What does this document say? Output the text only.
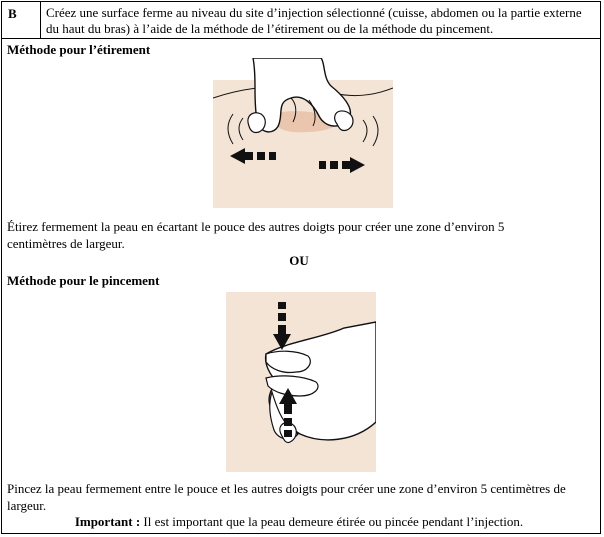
B Créez une surface ferme au niveau du site d’injection sélectionné (cuisse, abdomen ou la partie externe du haut du bras) à l’aide de la méthode de l’étirement ou de la méthode du pincement.
Méthode pour l’étirement
Étirez fermement la peau en écartant le pouce des autres doigts pour créer une zone d’environ 5 centimètres de largeur.
OU
Méthode pour le pincement
Pincez la peau fermement entre le pouce et les autres doigts pour créer une zone d’environ 5 centimètres de largeur.
Important : Il est important que la peau demeure étirée ou pincée pendant l’injection.
